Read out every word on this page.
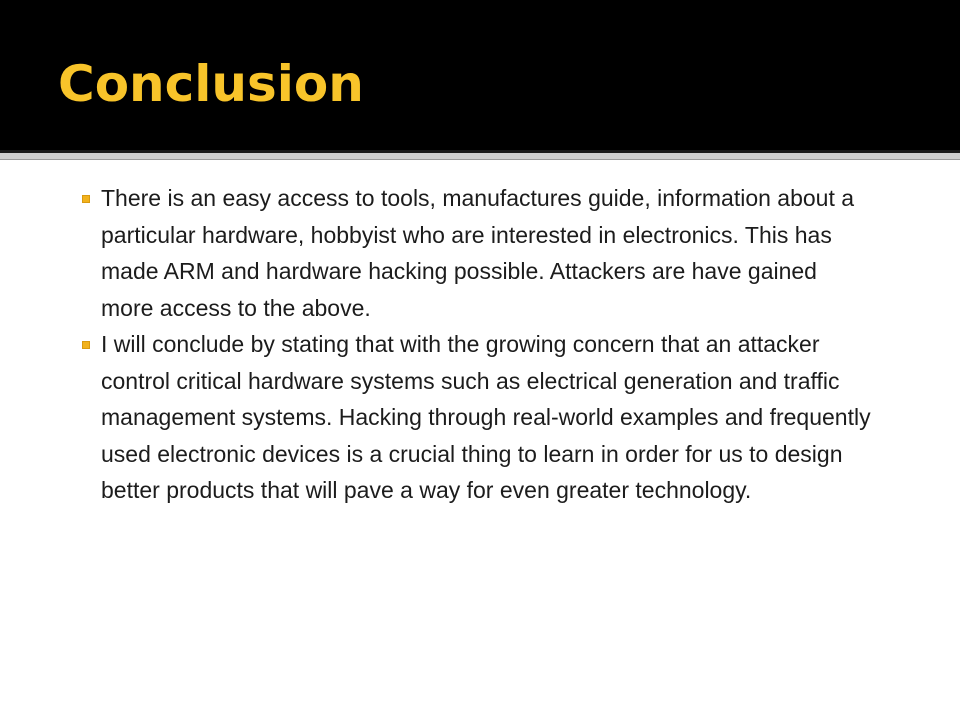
Conclusion
There is an easy access to tools, manufactures guide, information about a particular hardware, hobbyist who are interested in electronics. This has made ARM and hardware hacking possible. Attackers are have gained more access to the above.
I will conclude by stating that with the growing concern that an attacker control critical hardware systems such as electrical generation and traffic management systems. Hacking through real-world examples and frequently used electronic devices is a crucial thing to learn in order for us to design better products that will pave a way for even greater technology.
